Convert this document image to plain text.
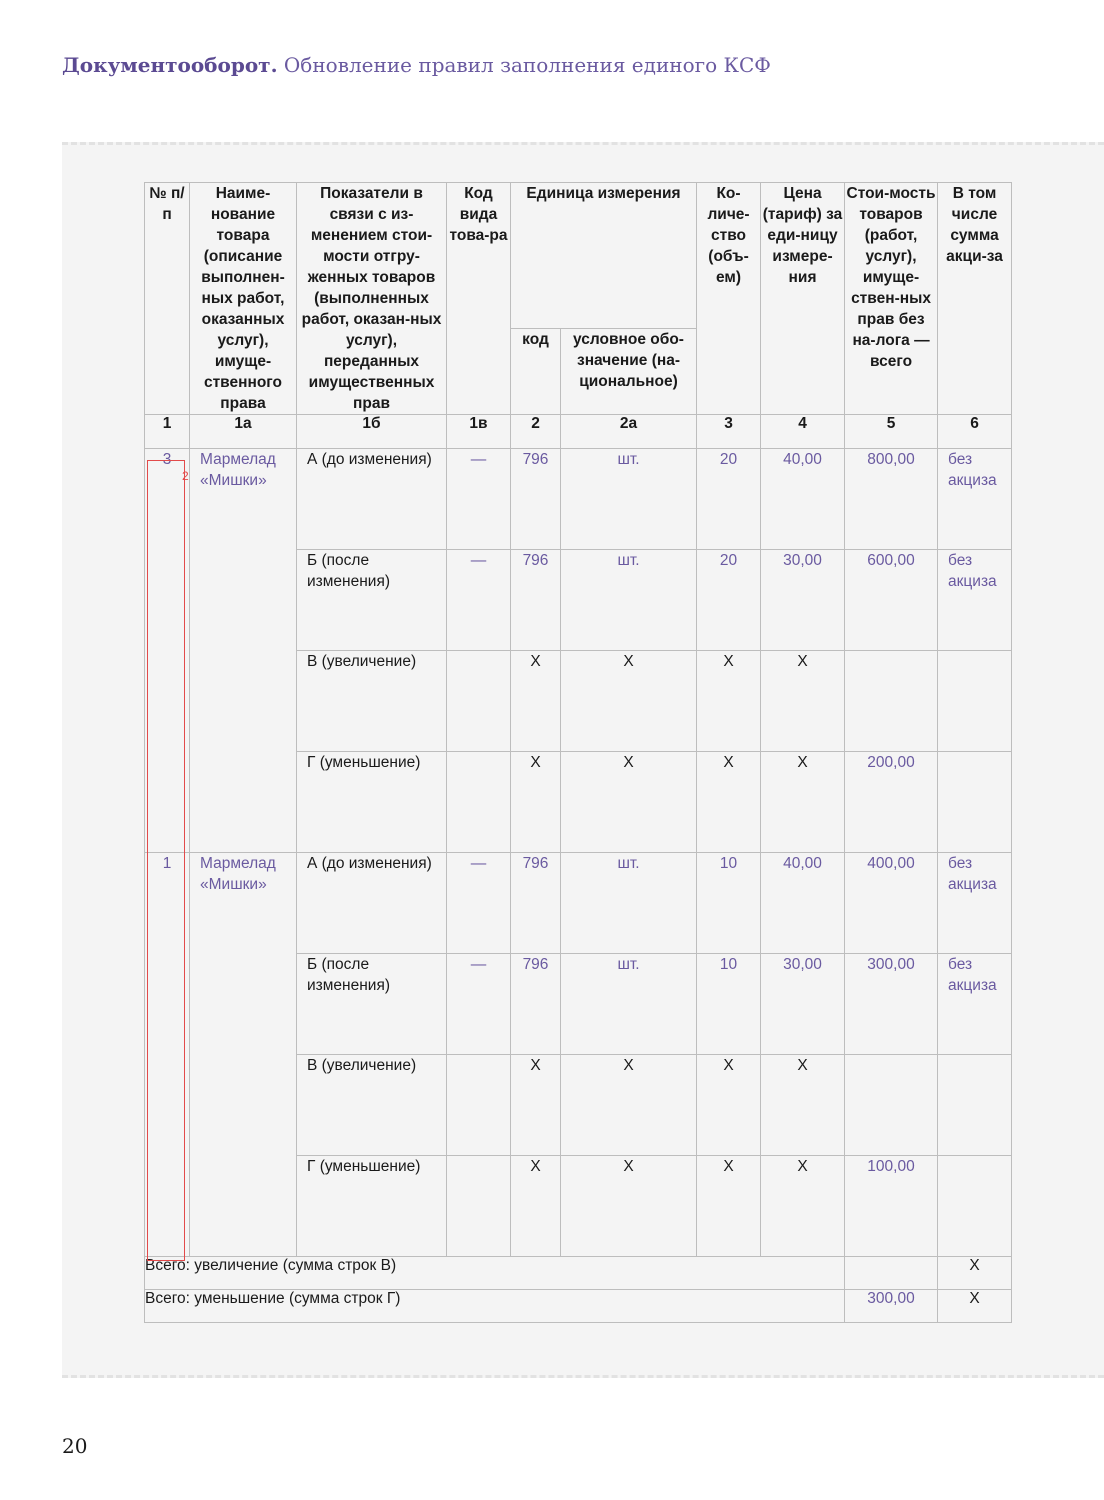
Документооборот. Обновление правил заполнения единого КСФ
№ п/п	Наиме-нование товара (описание выполнен-ных работ, оказанных услуг), имуще-ственного права	Показатели в связи с из-менением стои-мости отгру-женных товаров (выполненных работ, оказан-ных услуг), переданных имущественных прав	Код вида това-ра	Единица измерения		Ко-личе-ство (объ-ем)	Цена (тариф) за еди-ницу измере-ния	Стои-мость товаров (работ, услуг), имуще-ствен-ных прав без на-лога — всего	В том числе сумма акци-за
				код	условное обо-значение (на-циональное)				
1	1а	1б	1в	2	2а	3	4	5	6
3	Мармелад «Мишки»	А (до изменения)	—	796	шт.	20	40,00	800,00	без акциза
		Б (после изменения)	—	796	шт.	20	30,00	600,00	без акциза
		В (увеличение)		Х	Х	Х	Х		
		Г (уменьшение)		Х	Х	Х	Х	200,00	
1	Мармелад «Мишки»	А (до изменения)	—	796	шт.	10	40,00	400,00	без акциза
		Б (после изменения)	—	796	шт.	10	30,00	300,00	без акциза
		В (увеличение)		Х	Х	Х	Х		
		Г (уменьшение)		Х	Х	Х	Х	100,00	
Всего: увеличение (сумма строк В)									Х
Всего: уменьшение (сумма строк Г)								300,00	Х
2
20
